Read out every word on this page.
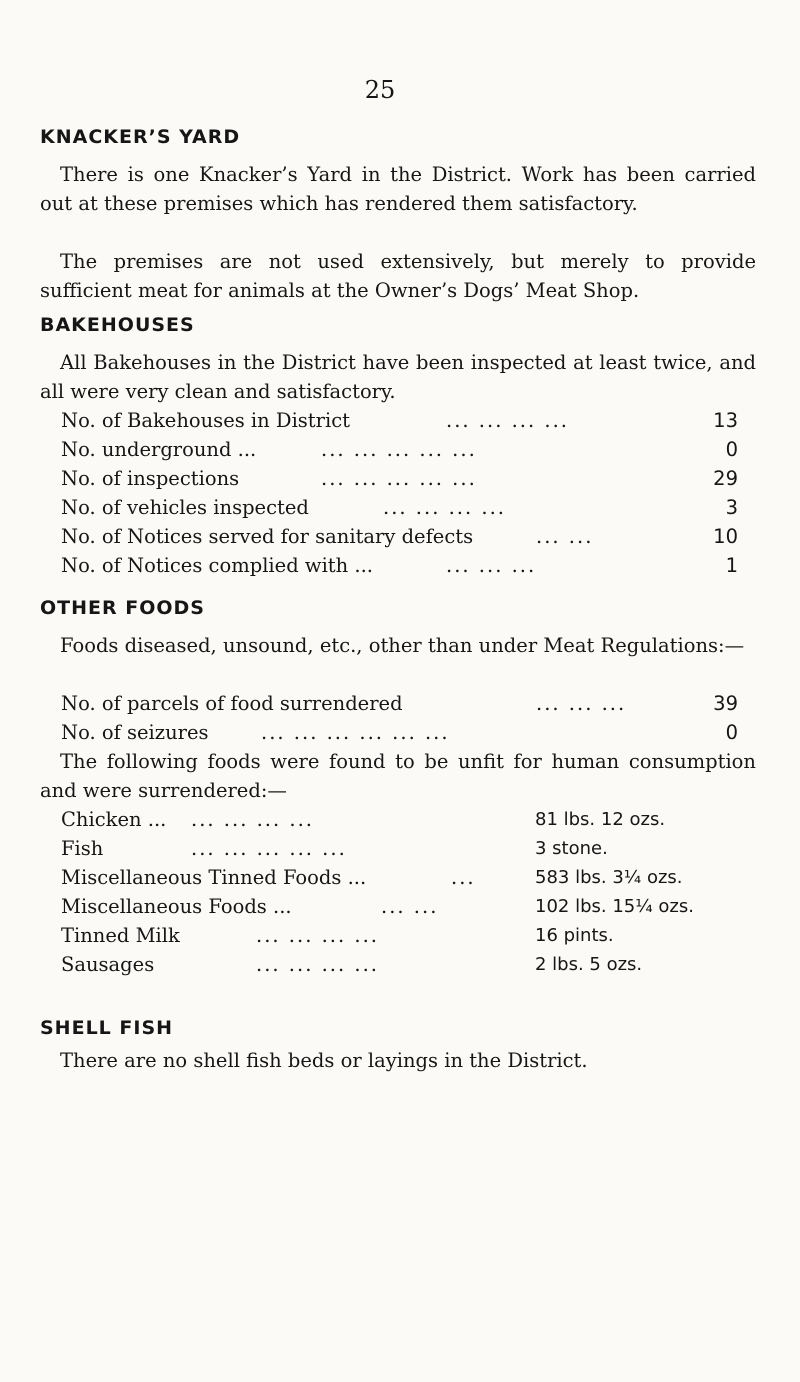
25
KNACKER’S YARD
There is one Knacker’s Yard in the District. Work has been carried out at these premises which has rendered them satisfactory.
The premises are not used extensively, but merely to provide sufficient meat for animals at the Owner’s Dogs’ Meat Shop.
BAKEHOUSES
All Bakehouses in the District have been inspected at least twice, and all were very clean and satisfactory.
No. of Bakehouses in District	... ... ... ...	13
No. underground ...	... ... ... ... ...	0
No. of inspections	... ... ... ... ...	29
No. of vehicles inspected	... ... ... ...	3
No. of Notices served for sanitary defects	... ...	10
No. of Notices complied with ...	... ... ...	1
OTHER FOODS
Foods diseased, unsound, etc., other than under Meat Regulations:—
No. of parcels of food surrendered	... ... ...	39
No. of seizures	... ... ... ... ... ...	0
The following foods were found to be unfit for human consumption and were surrendered:—
Chicken ... ... ... ... ...	81 lbs. 12 ozs.
Fish	... ... ... ... ...	3 stone.
Miscellaneous Tinned Foods ...	...	583 lbs. 3¼ ozs.
Miscellaneous Foods ...	... ...	102 lbs. 15¼ ozs.
Tinned Milk	... ... ... ...	16 pints.
Sausages	... ... ... ...	2 lbs. 5 ozs.
SHELL FISH
There are no shell fish beds or layings in the District.
